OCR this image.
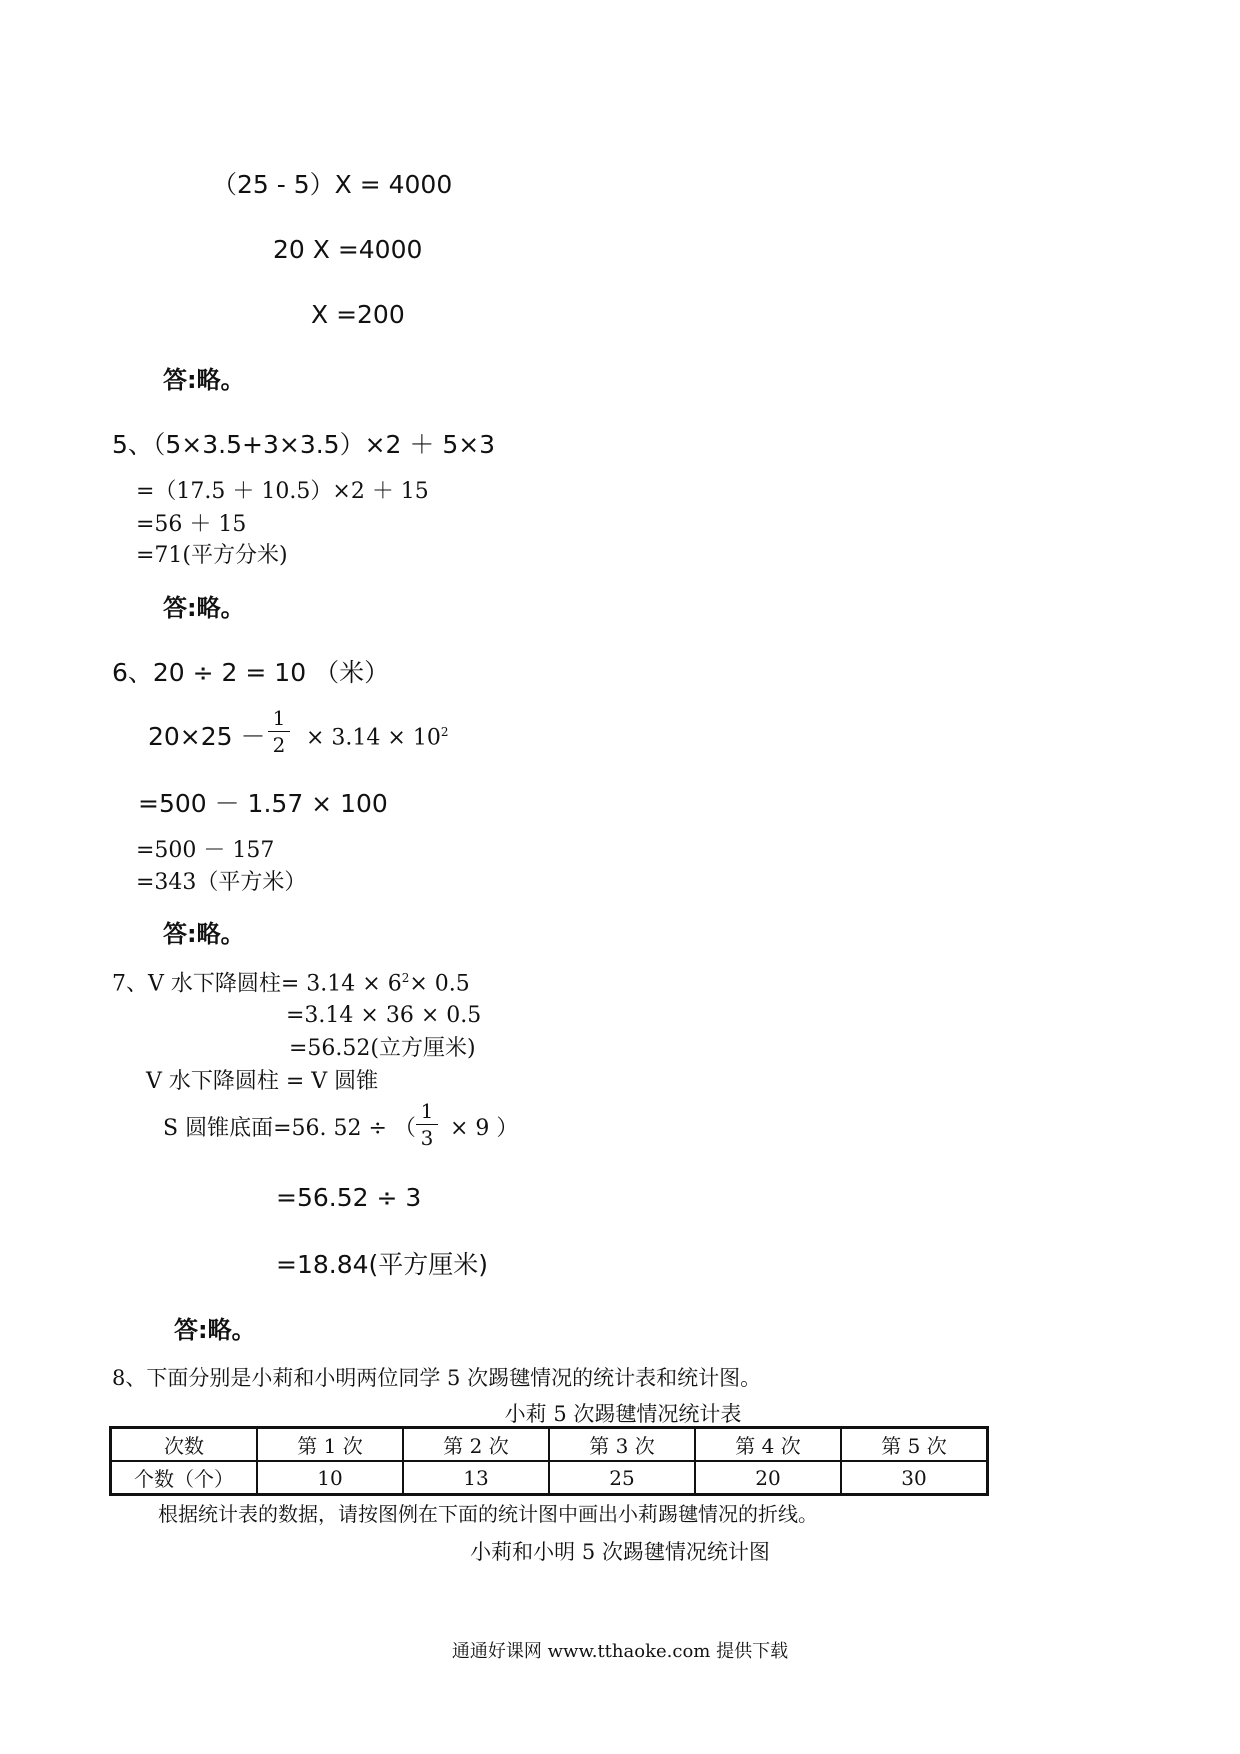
（25 - 5）X = 4000
20 X =4000
X =200
答:略。
5、（5×3.5+3×3.5）×2 ＋ 5×3
=（17.5 ＋ 10.5）×2 ＋ 15
=56 ＋ 15
=71(平方分米)
答:略。
6、20 ÷ 2 = 10 （米）
20×25 －
1
$2 \times 3.14 \times 10^2$
=500 － 1.57 × 100
=500 － 157
=343（平方米）
答:略。
7、V 水下降圆柱= $3.14 \times 6^2\times 0.5$
=3.14 × 36 × 0.5
=56.52(立方厘米)
V 水下降圆柱 = V 圆锥
S 圆锥底面=56. 52 ÷ （
1
3 × 9 ）
=56.52 ÷ 3
=18.84(平方厘米)
答:略。
8、下面分别是小莉和小明两位同学 5 次踢毽情况的统计表和统计图。
小莉 5 次踢毽情况统计表
次数	第 1 次	第 2 次	第 3 次	第 4 次	第 5 次
个数（个）	10	13	25	20	30
根据统计表的数据，请按图例在下面的统计图中画出小莉踢毽情况的折线。
小莉和小明 5 次踢毽情况统计图
通通好课网 www.tthaoke.com 提供下载
